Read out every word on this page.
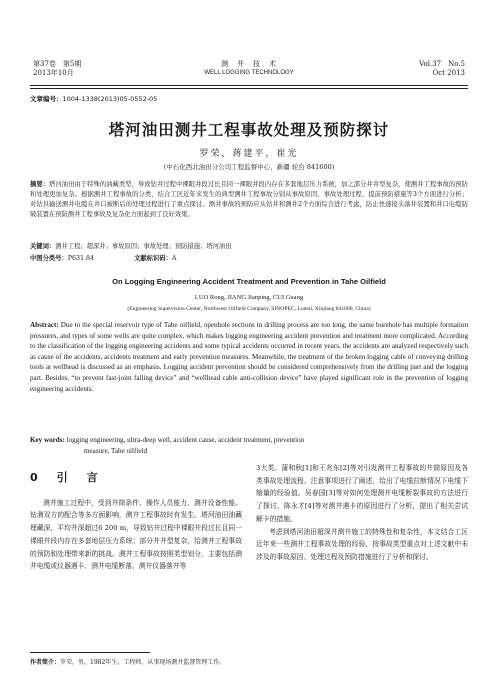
第37卷　第5期
2013年10月
测　井　技　术
WELL LOGGING TECHNOLOGY
Vol.37　No.5
Oct 2013
文章编号：1004-1338(2013)05-0552-05
塔河油田测井工程事故处理及预防探讨
罗荣，蒋建平，崔光
(中石化西北油田分公司工程监督中心，新疆 轮台 841600)
摘要：塔河油田由于特殊的油藏类型，导致钻井过程中裸眼井段过长且同一裸眼井段内存在多套地层压力系统，加之部分井井型复杂，使测井工程事故的预防和处理更加复杂。根据测井工程事故的分类，结合工区近年来发生的典型测井工程事故分别从事故原因、事故处理过程、提前预防措施等3个方面进行分析；对钻具输送测井电缆在井口被断后的处理过程进行了重点探讨。测井事故的预防应从钻井和测井2个方面综合进行考虑，防止快速接头落井装置和井口电缆防破装置在预防测井工程事故及复杂化方面起到了良好效果。
关键词：测井工程；超深井；事故原因；事故处理；预防措施；塔河油田
中图分类号：P631.84	文献标识码：A
On Logging Engineering Accident Treatment and Prevention in Tahe Oilfield
LUO Rong, JIANG Jianping, CUI Guang
(Engineering Supervision Center, Northwest Oilfield Company, SINOPEC, Luntai, Xinjiang 841600, China)
Abstract: Due to the special reservoir type of Tahe oilfield, openhole sections in drilling process are too long, the same borehole has multiple formation pressures, and types of some wells are quite complex, which makes logging engineering accident prevention and treatment more complicated. According to the classification of the logging engineering accidents and some typical accidents occurred in recent years, the accidents are analyzed respectively such as cause of the accidents, accidents treatment and early prevention measures. Meanwhile, the treatment of the broken logging cable of conveying drilling tools at wellhead is discussed as an emphasis. Logging accident prevention should be considered comprehensively from the drilling part and the logging part. Besides, “to prevent fast-joint falling device” and “wellhead cable anti-collision device” have played significant role in the prevention of logging engineering accidents.
Key words: logging engineering, ultra-deep well, accident cause, accident treatment, prevention
measure, Tahe oilfield
0　引　言

测井施工过程中，受到井筒条件、操作人员能力、测井设备性能、钻测双方的配合等多方面影响，测井工程事故时有发生。塔河油田油藏埋藏深，平均井深超过6 200 m，导致钻井过程中裸眼井段过长且同一裸眼井段内存在多套地层压力系统；部分井井型复杂，给测井工程事故的预防和处理带来新的挑战。测井工程事故按照类型划分，主要包括测井电缆或仪器遇卡、测井电缆断落、测井仪器落井等

3大类。蒲和秋[1]和王兆东[2]等对引发测井工程事故的井筒原因及各类事故处理流程、注意事项进行了阐述，给出了电缆拉断情况下电缆下缩量的经验值。吴春国[3]等对如何处理测井电缆断裂事故的方法进行了探讨。陈永才[4]等对测井遇卡的原因进行了分析，提出了相关尝试解卡的措施。

考虑到塔河油田超深井测井施工的特殊性和复杂性，本文结合工区近年来一些测井工程事故处理的经验，按事故类型重点对上述文献中未涉及的事故原因、处理过程及预防措施进行了分析和探讨。

作者简介：罗荣，男，1982年生，工程师，从事现场测井监督管理工作。
